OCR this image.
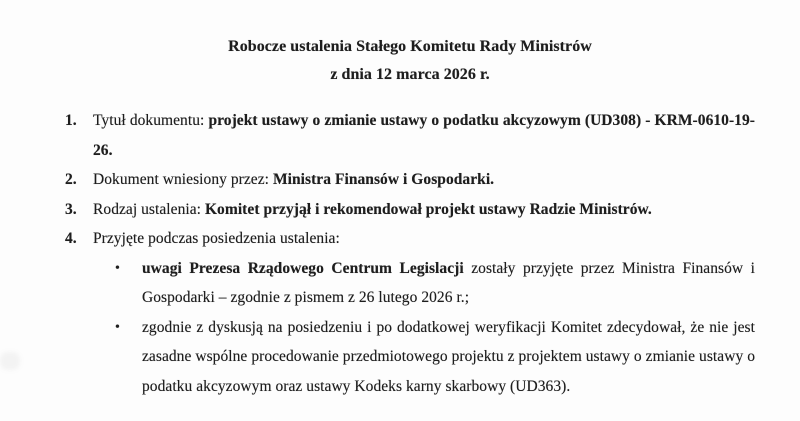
Robocze ustalenia Stałego Komitetu Rady Ministrów
z dnia 12 marca 2026 r.
1.	Tytuł dokumentu: projekt ustawy o zmianie ustawy o podatku akcyzowym (UD308) - KRM-0610-19-26.
2.	Dokument wniesiony przez: Ministra Finansów i Gospodarki.
3.	Rodzaj ustalenia: Komitet przyjął i rekomendował projekt ustawy Radzie Ministrów.
4.	Przyjęte podczas posiedzenia ustalenia:
•	uwagi Prezesa Rządowego Centrum Legislacji zostały przyjęte przez Ministra Finansów i Gospodarki – zgodnie z pismem z 26 lutego 2026 r.;
•	zgodnie z dyskusją na posiedzeniu i po dodatkowej weryfikacji Komitet zdecydował, że nie jest zasadne wspólne procedowanie przedmiotowego projektu z projektem ustawy o zmianie ustawy o podatku akcyzowym oraz ustawy Kodeks karny skarbowy (UD363).
